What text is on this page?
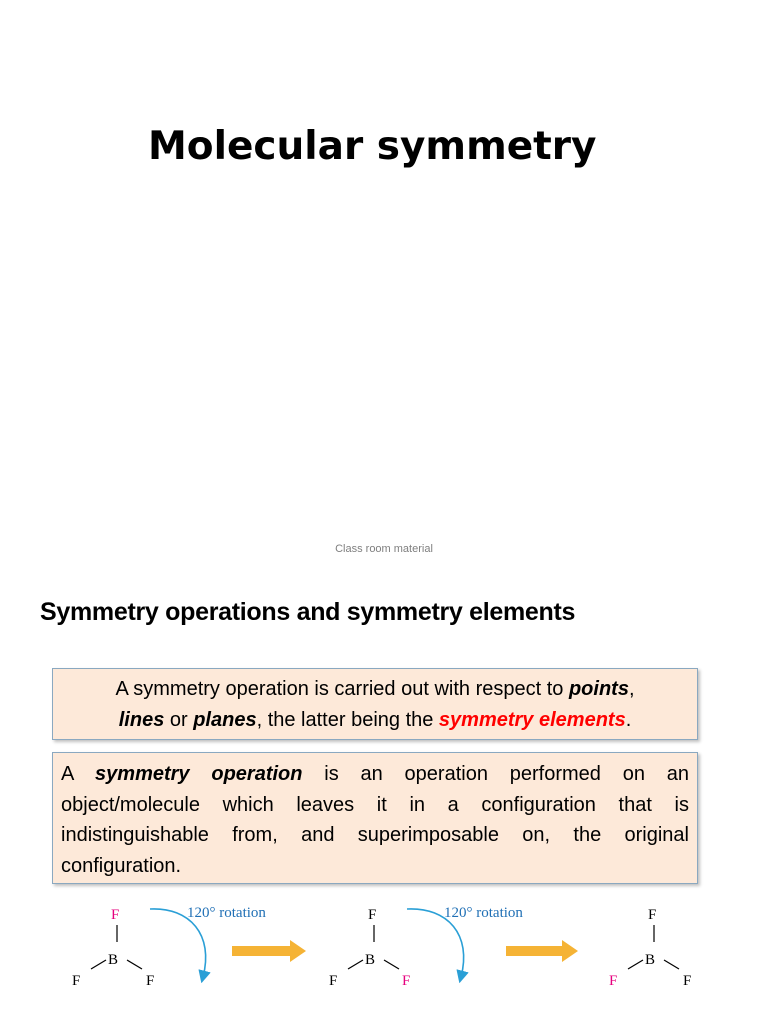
Molecular symmetry
Class room material
Symmetry operations and symmetry elements
A symmetry operation is carried out with respect to points,
lines or planes, the latter being the symmetry elements.
A symmetry operation is an operation performed on an object/molecule which leaves it in a configuration that is indistinguishable from, and superimposable on, the original configuration.
F
B
F	F
120° rotation	F
B
F	F
120° rotation	F
B
F	F
